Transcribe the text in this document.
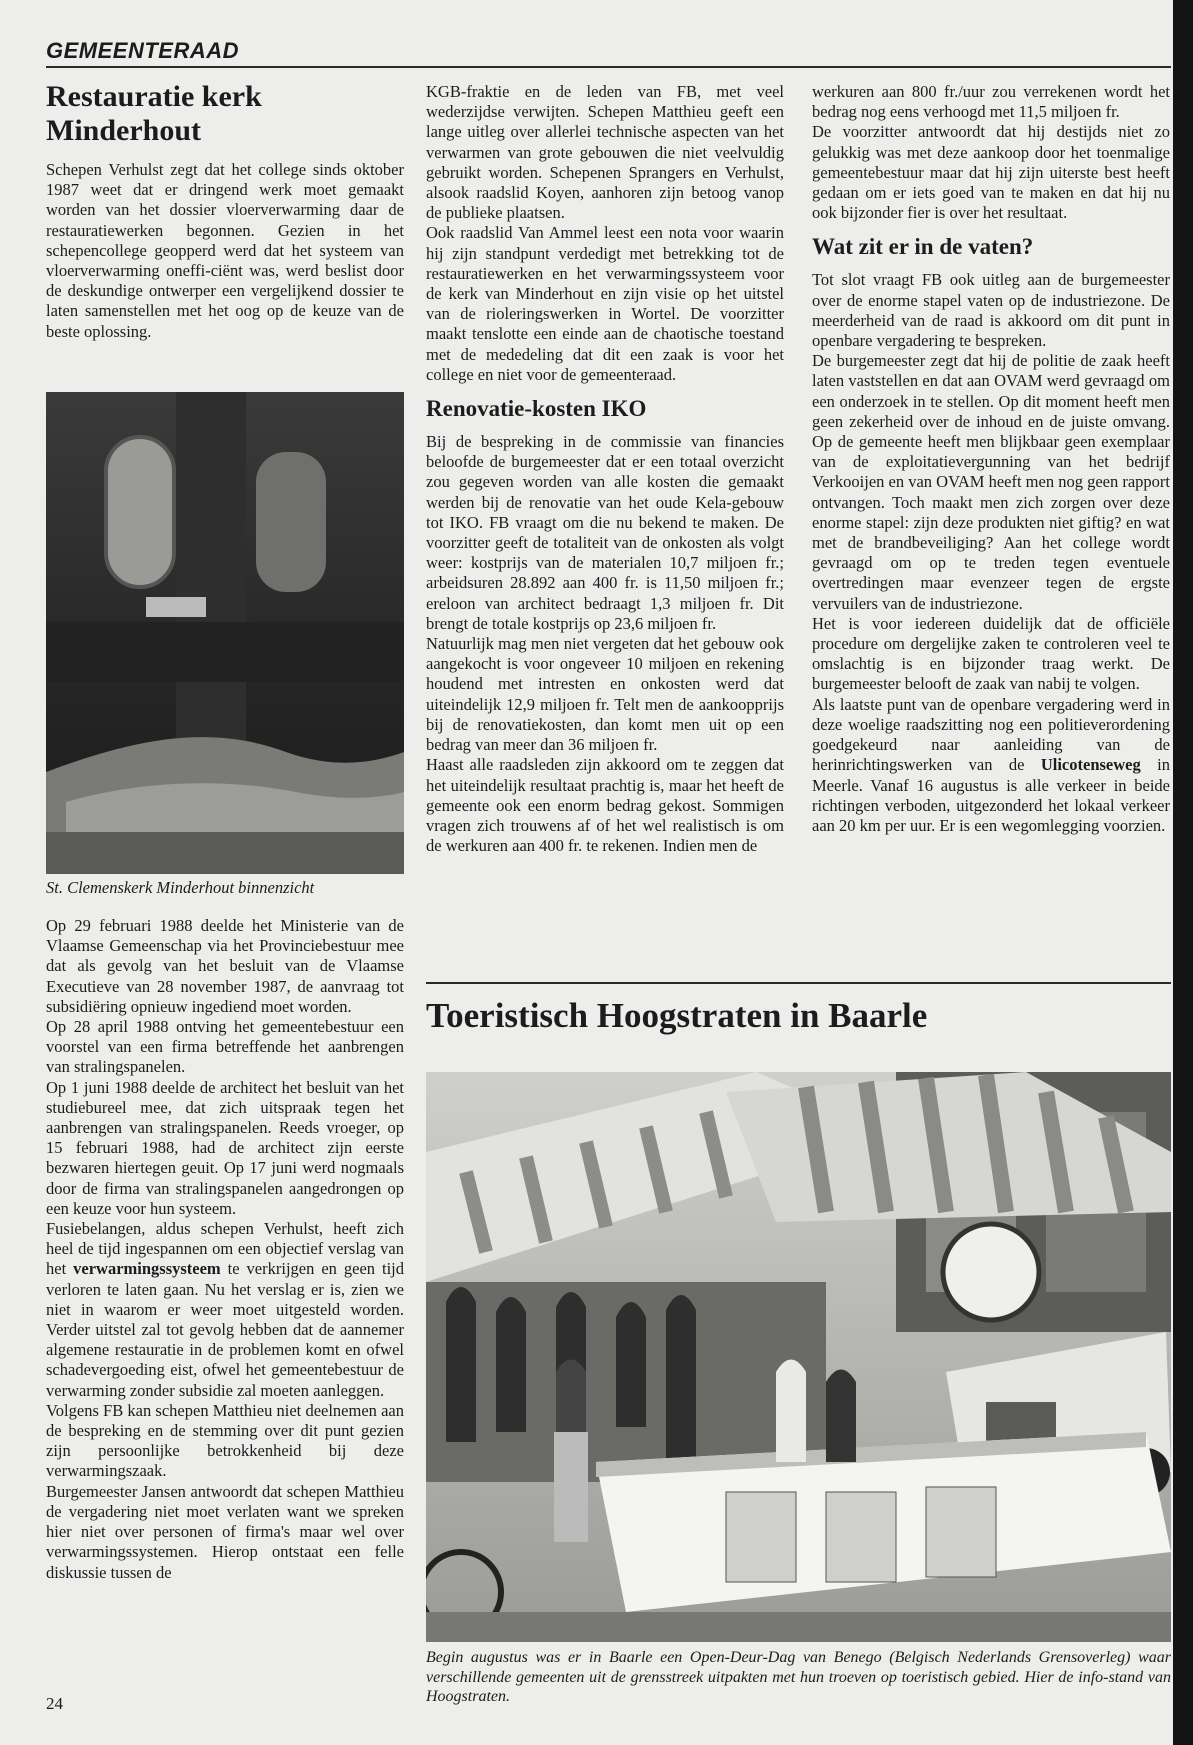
GEMEENTERAAD
Restauratie kerk Minderhout

Schepen Verhulst zegt dat het college sinds oktober 1987 weet dat er dringend werk moet gemaakt worden van het dossier vloerverwarming daar de restauratiewerken begonnen. Gezien in het schepencollege geopperd werd dat het systeem van vloerverwarming oneffi-ciënt was, werd beslist door de deskundige ontwerper een vergelijkend dossier te laten samenstellen met het oog op de keuze van de beste oplossing.

St. Clemenskerk Minderhout binnenzicht

Op 29 februari 1988 deelde het Ministerie van de Vlaamse Gemeenschap via het Provinciebestuur mee dat als gevolg van het besluit van de Vlaamse Executieve van 28 november 1987, de aanvraag tot subsidiëring opnieuw ingediend moet worden.

Op 28 april 1988 ontving het gemeentebestuur een voorstel van een firma betreffende het aanbrengen van stralingspanelen.

Op 1 juni 1988 deelde de architect het besluit van het studiebureel mee, dat zich uitspraak tegen het aanbrengen van stralingspanelen. Reeds vroeger, op 15 februari 1988, had de architect zijn eerste bezwaren hiertegen geuit. Op 17 juni werd nogmaals door de firma van stralingspanelen aangedrongen op een keuze voor hun systeem.

Fusiebelangen, aldus schepen Verhulst, heeft zich heel de tijd ingespannen om een objectief verslag van het verwarmingssysteem te verkrijgen en geen tijd verloren te laten gaan. Nu het verslag er is, zien we niet in waarom er weer moet uitgesteld worden. Verder uitstel zal tot gevolg hebben dat de aannemer algemene restauratie in de problemen komt en ofwel schadevergoeding eist, ofwel het gemeentebestuur de verwarming zonder subsidie zal moeten aanleggen.

Volgens FB kan schepen Matthieu niet deelnemen aan de bespreking en de stemming over dit punt gezien zijn persoonlijke betrokkenheid bij deze verwarmingszaak.

Burgemeester Jansen antwoordt dat schepen Matthieu de vergadering niet moet verlaten want we spreken hier niet over personen of firma's maar wel over verwarmingssystemen. Hierop ontstaat een felle diskussie tussen de

KGB-fraktie en de leden van FB, met veel wederzijdse verwijten. Schepen Matthieu geeft een lange uitleg over allerlei technische aspecten van het verwarmen van grote gebouwen die niet veelvuldig gebruikt worden. Schepenen Sprangers en Verhulst, alsook raadslid Koyen, aanhoren zijn betoog vanop de publieke plaatsen.

Ook raadslid Van Ammel leest een nota voor waarin hij zijn standpunt verdedigt met betrekking tot de restauratiewerken en het verwarmingssysteem voor de kerk van Minderhout en zijn visie op het uitstel van de rioleringswerken in Wortel. De voorzitter maakt tenslotte een einde aan de chaotische toestand met de mededeling dat dit een zaak is voor het college en niet voor de gemeenteraad.

Renovatie-kosten IKO

Bij de bespreking in de commissie van financies beloofde de burgemeester dat er een totaal overzicht zou gegeven worden van alle kosten die gemaakt werden bij de renovatie van het oude Kela-gebouw tot IKO. FB vraagt om die nu bekend te maken. De voorzitter geeft de totaliteit van de onkosten als volgt weer: kostprijs van de materialen 10,7 miljoen fr.; arbeidsuren 28.892 aan 400 fr. is 11,50 miljoen fr.; ereloon van architect bedraagt 1,3 miljoen fr. Dit brengt de totale kostprijs op 23,6 miljoen fr.

Natuurlijk mag men niet vergeten dat het gebouw ook aangekocht is voor ongeveer 10 miljoen en rekening houdend met intresten en onkosten werd dat uiteindelijk 12,9 miljoen fr. Telt men de aankoopprijs bij de renovatiekosten, dan komt men uit op een bedrag van meer dan 36 miljoen fr.

Haast alle raadsleden zijn akkoord om te zeggen dat het uiteindelijk resultaat prachtig is, maar het heeft de gemeente ook een enorm bedrag gekost. Sommigen vragen zich trouwens af of het wel realistisch is om de werkuren aan 400 fr. te rekenen. Indien men de

werkuren aan 800 fr./uur zou verrekenen wordt het bedrag nog eens verhoogd met 11,5 miljoen fr.

De voorzitter antwoordt dat hij destijds niet zo gelukkig was met deze aankoop door het toenmalige gemeentebestuur maar dat hij zijn uiterste best heeft gedaan om er iets goed van te maken en dat hij nu ook bijzonder fier is over het resultaat.

Wat zit er in de vaten?

Tot slot vraagt FB ook uitleg aan de burgemeester over de enorme stapel vaten op de industriezone. De meerderheid van de raad is akkoord om dit punt in openbare vergadering te bespreken.

De burgemeester zegt dat hij de politie de zaak heeft laten vaststellen en dat aan OVAM werd gevraagd om een onderzoek in te stellen. Op dit moment heeft men geen zekerheid over de inhoud en de juiste omvang. Op de gemeente heeft men blijkbaar geen exemplaar van de exploitatievergunning van het bedrijf Verkooijen en van OVAM heeft men nog geen rapport ontvangen. Toch maakt men zich zorgen over deze enorme stapel: zijn deze produkten niet giftig? en wat met de brandbeveiliging? Aan het college wordt gevraagd om op te treden tegen eventuele overtredingen maar evenzeer tegen de ergste vervuilers van de industriezone.

Het is voor iedereen duidelijk dat de officiële procedure om dergelijke zaken te controleren veel te omslachtig is en bijzonder traag werkt. De burgemeester belooft de zaak van nabij te volgen.

Als laatste punt van de openbare vergadering werd in deze woelige raadszitting nog een politieverordening goedgekeurd naar aanleiding van de herinrichtingswerken van de Ulicotenseweg in Meerle. Vanaf 16 augustus is alle verkeer in beide richtingen verboden, uitgezonderd het lokaal verkeer aan 20 km per uur. Er is een wegomlegging voorzien.

Toeristisch Hoogstraten in Baarle
Begin augustus was er in Baarle een Open-Deur-Dag van Benego (Belgisch Nederlands Grensoverleg) waar verschillende gemeenten uit de grensstreek uitpakten met hun troeven op toeristisch gebied. Hier de info-stand van Hoogstraten.
24
